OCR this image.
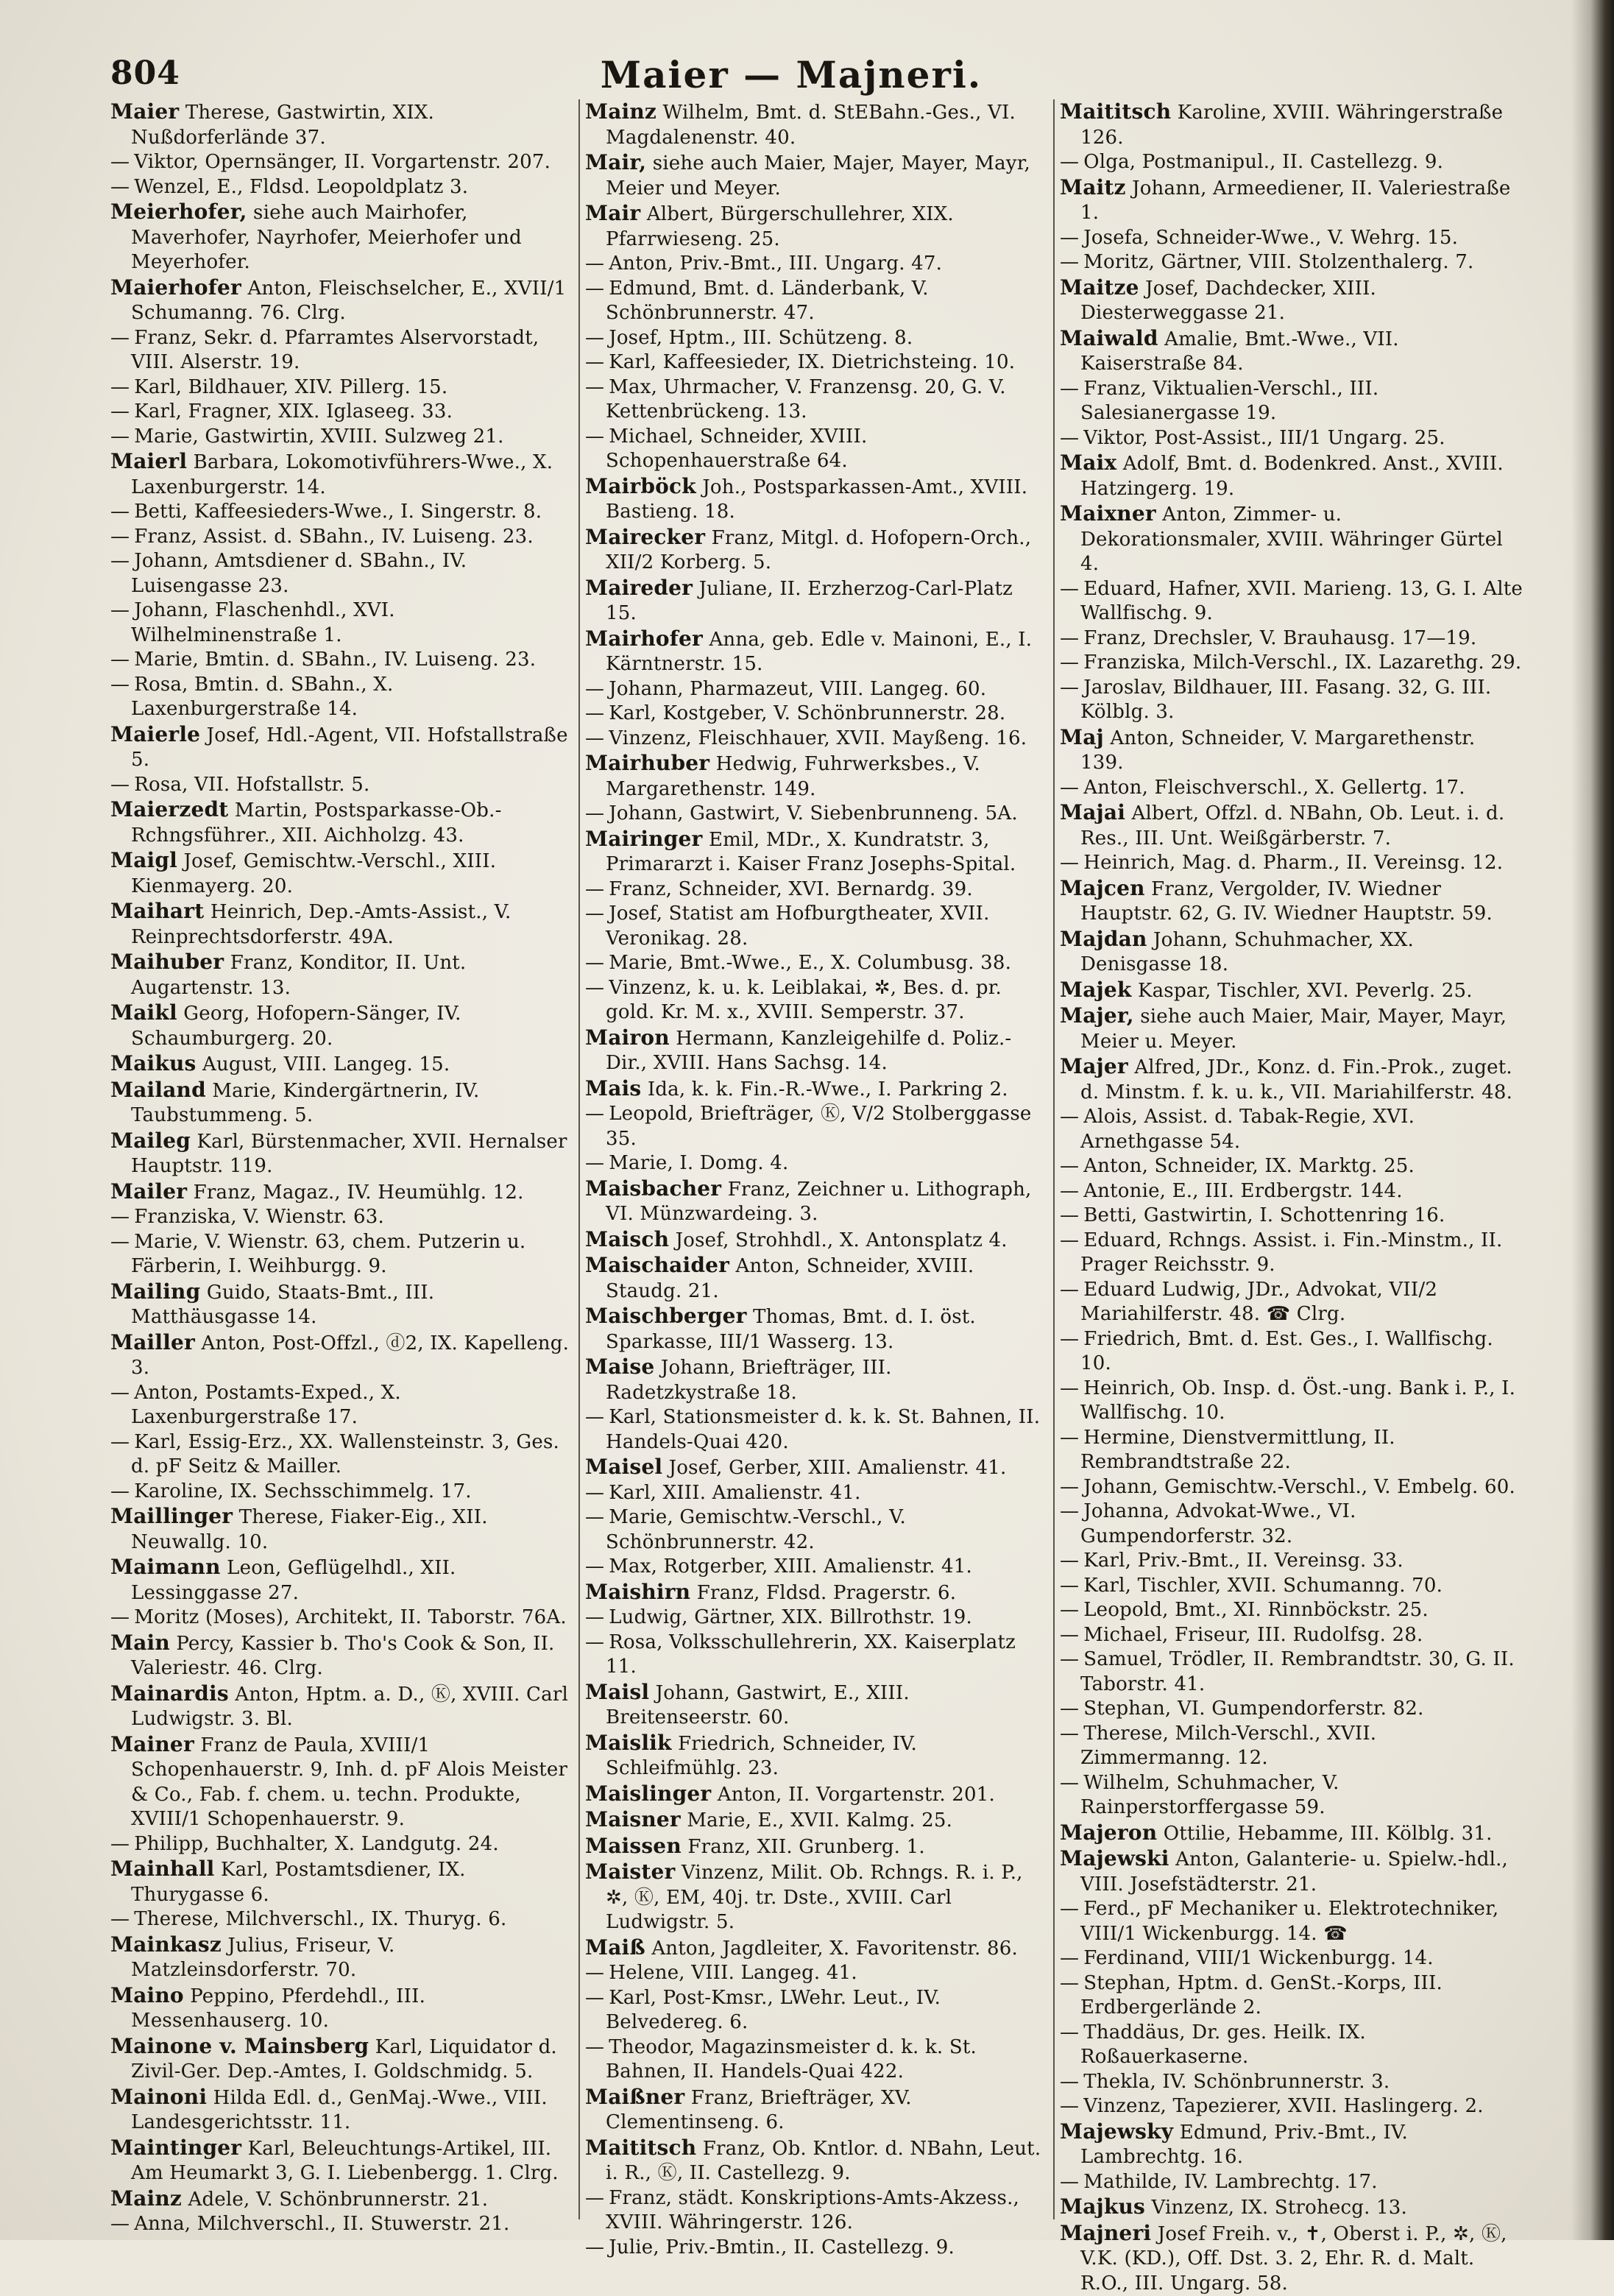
804	Maier — Majneri.

Maier Therese, Gastwirtin, XIX. Nußdorferlände 37.

— Viktor, Opernsänger, II. Vorgartenstr. 207.

— Wenzel, E., Fldsd. Leopoldplatz 3.

Meierhofer, siehe auch Mairhofer, Maverhofer, Nayrhofer, Meierhofer und Meyerhofer.

Maierhofer Anton, Fleischselcher, E., XVII/1 Schumanng. 76. Clrg.

— Franz, Sekr. d. Pfarramtes Alservorstadt, VIII. Alserstr. 19.

— Karl, Bildhauer, XIV. Pillerg. 15.

— Karl, Fragner, XIX. Iglaseeg. 33.

— Marie, Gastwirtin, XVIII. Sulzweg 21.

Maierl Barbara, Lokomotivführers-Wwe., X. Laxenburgerstr. 14.

— Betti, Kaffeesieders-Wwe., I. Singerstr. 8.

— Franz, Assist. d. SBahn., IV. Luiseng. 23.

— Johann, Amtsdiener d. SBahn., IV. Luisengasse 23.

— Johann, Flaschenhdl., XVI. Wilhelminenstraße 1.

— Marie, Bmtin. d. SBahn., IV. Luiseng. 23.

— Rosa, Bmtin. d. SBahn., X. Laxenburgerstraße 14.

Maierle Josef, Hdl.-Agent, VII. Hofstallstraße 5.

— Rosa, VII. Hofstallstr. 5.

Maierzedt Martin, Postsparkasse-Ob.-Rchngsführer., XII. Aichholzg. 43.

Maigl Josef, Gemischtw.-Verschl., XIII. Kienmayerg. 20.

Maihart Heinrich, Dep.-Amts-Assist., V. Reinprechtsdorferstr. 49A.

Maihuber Franz, Konditor, II. Unt. Augartenstr. 13.

Maikl Georg, Hofopern-Sänger, IV. Schaumburgerg. 20.

Maikus August, VIII. Langeg. 15.

Mailand Marie, Kindergärtnerin, IV. Taubstummeng. 5.

Maileg Karl, Bürstenmacher, XVII. Hernalser Hauptstr. 119.

Mailer Franz, Magaz., IV. Heumühlg. 12.

— Franziska, V. Wienstr. 63.

— Marie, V. Wienstr. 63, chem. Putzerin u. Färberin, I. Weihburgg. 9.

Mailing Guido, Staats-Bmt., III. Matthäusgasse 14.

Mailler Anton, Post-Offzl., ⓓ2, IX. Kapelleng. 3.

— Anton, Postamts-Exped., X. Laxenburgerstraße 17.

— Karl, Essig-Erz., XX. Wallensteinstr. 3, Ges. d. pF Seitz & Mailler.

— Karoline, IX. Sechsschimmelg. 17.

Maillinger Therese, Fiaker-Eig., XII. Neuwallg. 10.

Maimann Leon, Geflügelhdl., XII. Lessinggasse 27.

— Moritz (Moses), Architekt, II. Taborstr. 76A.

Main Percy, Kassier b. Tho's Cook & Son, II. Valeriestr. 46. Clrg.

Mainardis Anton, Hptm. a. D., Ⓚ, XVIII. Carl Ludwigstr. 3. Bl.

Mainer Franz de Paula, XVIII/1 Schopenhauerstr. 9, Inh. d. pF Alois Meister & Co., Fab. f. chem. u. techn. Produkte, XVIII/1 Schopenhauerstr. 9.

— Philipp, Buchhalter, X. Landgutg. 24.

Mainhall Karl, Postamtsdiener, IX. Thurygasse 6.

— Therese, Milchverschl., IX. Thuryg. 6.

Mainkasz Julius, Friseur, V. Matzleinsdorferstr. 70.

Maino Peppino, Pferdehdl., III. Messenhauserg. 10.

Mainone v. Mainsberg Karl, Liquidator d. Zivil-Ger. Dep.-Amtes, I. Goldschmidg. 5.

Mainoni Hilda Edl. d., GenMaj.-Wwe., VIII. Landesgerichtsstr. 11.

Maintinger Karl, Beleuchtungs-Artikel, III. Am Heumarkt 3, G. I. Liebenbergg. 1. Clrg.

Mainz Adele, V. Schönbrunnerstr. 21.

— Anna, Milchverschl., II. Stuwerstr. 21.

Mainz Wilhelm, Bmt. d. StEBahn.-Ges., VI. Magdalenenstr. 40.

Mair, siehe auch Maier, Majer, Mayer, Mayr, Meier und Meyer.

Mair Albert, Bürgerschullehrer, XIX. Pfarrwieseng. 25.

— Anton, Priv.-Bmt., III. Ungarg. 47.

— Edmund, Bmt. d. Länderbank, V. Schönbrunnerstr. 47.

— Josef, Hptm., III. Schützeng. 8.

— Karl, Kaffeesieder, IX. Dietrichsteing. 10.

— Max, Uhrmacher, V. Franzensg. 20, G. V. Kettenbrückeng. 13.

— Michael, Schneider, XVIII. Schopenhauerstraße 64.

Mairböck Joh., Postsparkassen-Amt., XVIII. Bastieng. 18.

Mairecker Franz, Mitgl. d. Hofopern-Orch., XII/2 Korberg. 5.

Maireder Juliane, II. Erzherzog-Carl-Platz 15.

Mairhofer Anna, geb. Edle v. Mainoni, E., I. Kärntnerstr. 15.

— Johann, Pharmazeut, VIII. Langeg. 60.

— Karl, Kostgeber, V. Schönbrunnerstr. 28.

— Vinzenz, Fleischhauer, XVII. Mayßeng. 16.

Mairhuber Hedwig, Fuhrwerksbes., V. Margarethenstr. 149.

— Johann, Gastwirt, V. Siebenbrunneng. 5A.

Mairinger Emil, MDr., X. Kundratstr. 3, Primararzt i. Kaiser Franz Josephs-Spital.

— Franz, Schneider, XVI. Bernardg. 39.

— Josef, Statist am Hofburgtheater, XVII. Veronikag. 28.

— Marie, Bmt.-Wwe., E., X. Columbusg. 38.

— Vinzenz, k. u. k. Leiblakai, ✲, Bes. d. pr. gold. Kr. M. x., XVIII. Semperstr. 37.

Mairon Hermann, Kanzleigehilfe d. Poliz.-Dir., XVIII. Hans Sachsg. 14.

Mais Ida, k. k. Fin.-R.-Wwe., I. Parkring 2.

— Leopold, Briefträger, Ⓚ, V/2 Stolberggasse 35.

— Marie, I. Domg. 4.

Maisbacher Franz, Zeichner u. Lithograph, VI. Münzwardeing. 3.

Maisch Josef, Strohhdl., X. Antonsplatz 4.

Maischaider Anton, Schneider, XVIII. Staudg. 21.

Maischberger Thomas, Bmt. d. I. öst. Sparkasse, III/1 Wasserg. 13.

Maise Johann, Briefträger, III. Radetzkystraße 18.

— Karl, Stationsmeister d. k. k. St. Bahnen, II. Handels-Quai 420.

Maisel Josef, Gerber, XIII. Amalienstr. 41.

— Karl, XIII. Amalienstr. 41.

— Marie, Gemischtw.-Verschl., V. Schönbrunnerstr. 42.

— Max, Rotgerber, XIII. Amalienstr. 41.

Maishirn Franz, Fldsd. Pragerstr. 6.

— Ludwig, Gärtner, XIX. Billrothstr. 19.

— Rosa, Volksschullehrerin, XX. Kaiserplatz 11.

Maisl Johann, Gastwirt, E., XIII. Breitenseerstr. 60.

Maislik Friedrich, Schneider, IV. Schleifmühlg. 23.

Maislinger Anton, II. Vorgartenstr. 201.

Maisner Marie, E., XVII. Kalmg. 25.

Maissen Franz, XII. Grunberg. 1.

Maister Vinzenz, Milit. Ob. Rchngs. R. i. P., ✲, Ⓚ, EM, 40j. tr. Dste., XVIII. Carl Ludwigstr. 5.

Maiß Anton, Jagdleiter, X. Favoritenstr. 86.

— Helene, VIII. Langeg. 41.

— Karl, Post-Kmsr., LWehr. Leut., IV. Belvedereg. 6.

— Theodor, Magazinsmeister d. k. k. St. Bahnen, II. Handels-Quai 422.

Maißner Franz, Briefträger, XV. Clementinseng. 6.

Maititsch Franz, Ob. Kntlor. d. NBahn, Leut. i. R., Ⓚ, II. Castellezg. 9.

— Franz, städt. Konskriptions-Amts-Akzess., XVIII. Währingerstr. 126.

— Julie, Priv.-Bmtin., II. Castellezg. 9.

Maititsch Karoline, XVIII. Währingerstraße 126.

— Olga, Postmanipul., II. Castellezg. 9.

Maitz Johann, Armeediener, II. Valeriestraße 1.

— Josefa, Schneider-Wwe., V. Wehrg. 15.

— Moritz, Gärtner, VIII. Stolzenthalerg. 7.

Maitze Josef, Dachdecker, XIII. Diesterweggasse 21.

Maiwald Amalie, Bmt.-Wwe., VII. Kaiserstraße 84.

— Franz, Viktualien-Verschl., III. Salesianergasse 19.

— Viktor, Post-Assist., III/1 Ungarg. 25.

Maix Adolf, Bmt. d. Bodenkred. Anst., XVIII. Hatzingerg. 19.

Maixner Anton, Zimmer- u. Dekorationsmaler, XVIII. Währinger Gürtel 4.

— Eduard, Hafner, XVII. Marieng. 13, G. I. Alte Wallfischg. 9.

— Franz, Drechsler, V. Brauhausg. 17—19.

— Franziska, Milch-Verschl., IX. Lazarethg. 29.

— Jaroslav, Bildhauer, III. Fasang. 32, G. III. Kölblg. 3.

Maj Anton, Schneider, V. Margarethenstr. 139.

— Anton, Fleischverschl., X. Gellertg. 17.

Majai Albert, Offzl. d. NBahn, Ob. Leut. i. d. Res., III. Unt. Weißgärberstr. 7.

— Heinrich, Mag. d. Pharm., II. Vereinsg. 12.

Majcen Franz, Vergolder, IV. Wiedner Hauptstr. 62, G. IV. Wiedner Hauptstr. 59.

Majdan Johann, Schuhmacher, XX. Denisgasse 18.

Majek Kaspar, Tischler, XVI. Peverlg. 25.

Majer, siehe auch Maier, Mair, Mayer, Mayr, Meier u. Meyer.

Majer Alfred, JDr., Konz. d. Fin.-Prok., zuget. d. Minstm. f. k. u. k., VII. Mariahilferstr. 48.

— Alois, Assist. d. Tabak-Regie, XVI. Arnethgasse 54.

— Anton, Schneider, IX. Marktg. 25.

— Antonie, E., III. Erdbergstr. 144.

— Betti, Gastwirtin, I. Schottenring 16.

— Eduard, Rchngs. Assist. i. Fin.-Minstm., II. Prager Reichsstr. 9.

— Eduard Ludwig, JDr., Advokat, VII/2 Mariahilferstr. 48. ☎ Clrg.

— Friedrich, Bmt. d. Est. Ges., I. Wallfischg. 10.

— Heinrich, Ob. Insp. d. Öst.-ung. Bank i. P., I. Wallfischg. 10.

— Hermine, Dienstvermittlung, II. Rembrandtstraße 22.

— Johann, Gemischtw.-Verschl., V. Embelg. 60.

— Johanna, Advokat-Wwe., VI. Gumpendorferstr. 32.

— Karl, Priv.-Bmt., II. Vereinsg. 33.

— Karl, Tischler, XVII. Schumanng. 70.

— Leopold, Bmt., XI. Rinnböckstr. 25.

— Michael, Friseur, III. Rudolfsg. 28.

— Samuel, Trödler, II. Rembrandtstr. 30, G. II. Taborstr. 41.

— Stephan, VI. Gumpendorferstr. 82.

— Therese, Milch-Verschl., XVII. Zimmermanng. 12.

— Wilhelm, Schuhmacher, V. Rainperstorffergasse 59.

Majeron Ottilie, Hebamme, III. Kölblg. 31.

Majewski Anton, Galanterie- u. Spielw.-hdl., VIII. Josefstädterstr. 21.

— Ferd., pF Mechaniker u. Elektrotechniker, VIII/1 Wickenburgg. 14. ☎

— Ferdinand, VIII/1 Wickenburgg. 14.

— Stephan, Hptm. d. GenSt.-Korps, III. Erdbergerlände 2.

— Thaddäus, Dr. ges. Heilk. IX. Roßauerkaserne.

— Thekla, IV. Schönbrunnerstr. 3.

— Vinzenz, Tapezierer, XVII. Haslingerg. 2.

Majewsky Edmund, Priv.-Bmt., IV. Lambrechtg. 16.

— Mathilde, IV. Lambrechtg. 17.

Majkus Vinzenz, IX. Strohecg. 13.

Majneri Josef Freih. v., ✝, Oberst i. P., ✲, Ⓚ, V.K. (KD.), Off. Dst. 3. 2, Ehr. R. d. Malt. R.O., III. Ungarg. 58.
